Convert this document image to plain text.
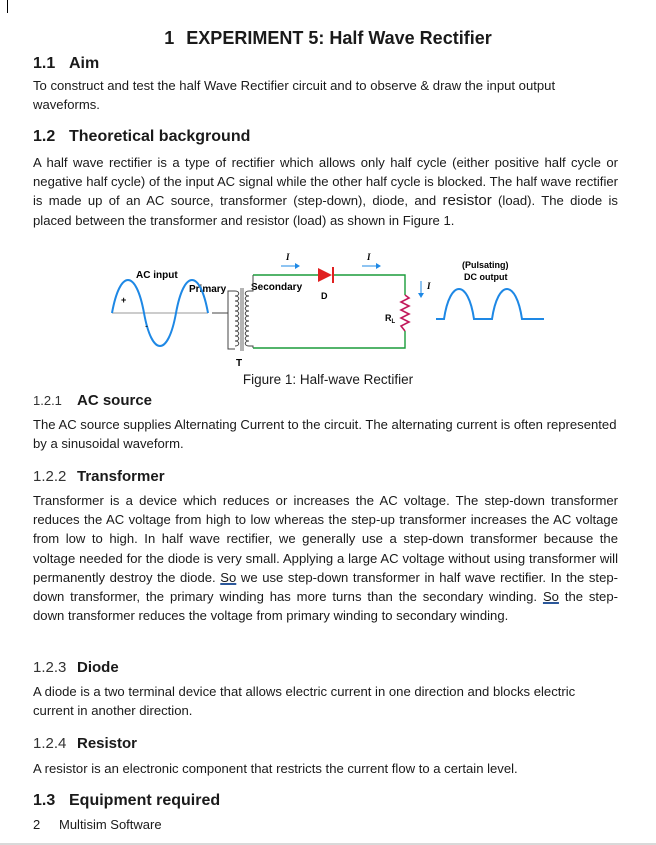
1 EXPERIMENT 5: Half Wave Rectifier
1.1 Aim
To construct and test the half Wave Rectifier circuit and to observe & draw the input output waveforms.
1.2 Theoretical background
A half wave rectifier is a type of rectifier which allows only half cycle (either positive half cycle or negative half cycle) of the input AC signal while the other half cycle is blocked. The half wave rectifier is made up of an AC source, transformer (step-down), diode, and resistor (load). The diode is placed between the transformer and resistor (load) as shown in Figure 1.
AC input
Primary Secondary
T
D
$R_L$
(Pulsating)
DC output
I	I
I
+
-
Figure 1: Half-wave Rectifier
1.2.1 AC source
The AC source supplies Alternating Current to the circuit. The alternating current is often represented by a sinusoidal waveform.
1.2.2 Transformer
Transformer is a device which reduces or increases the AC voltage. The step-down transformer reduces the AC voltage from high to low whereas the step-up transformer increases the AC voltage from low to high. In half wave rectifier, we generally use a step-down transformer because the voltage needed for the diode is very small. Applying a large AC voltage without using transformer will permanently destroy the diode. So we use step-down transformer in half wave rectifier. In the step-down transformer, the primary winding has more turns than the secondary winding. So the step-down transformer reduces the voltage from primary winding to secondary winding.
1.2.3 Diode
A diode is a two terminal device that allows electric current in one direction and blocks electric current in another direction.
1.2.4 Resistor
A resistor is an electronic component that restricts the current flow to a certain level.
1.3 Equipment required
2 Multisim Software
